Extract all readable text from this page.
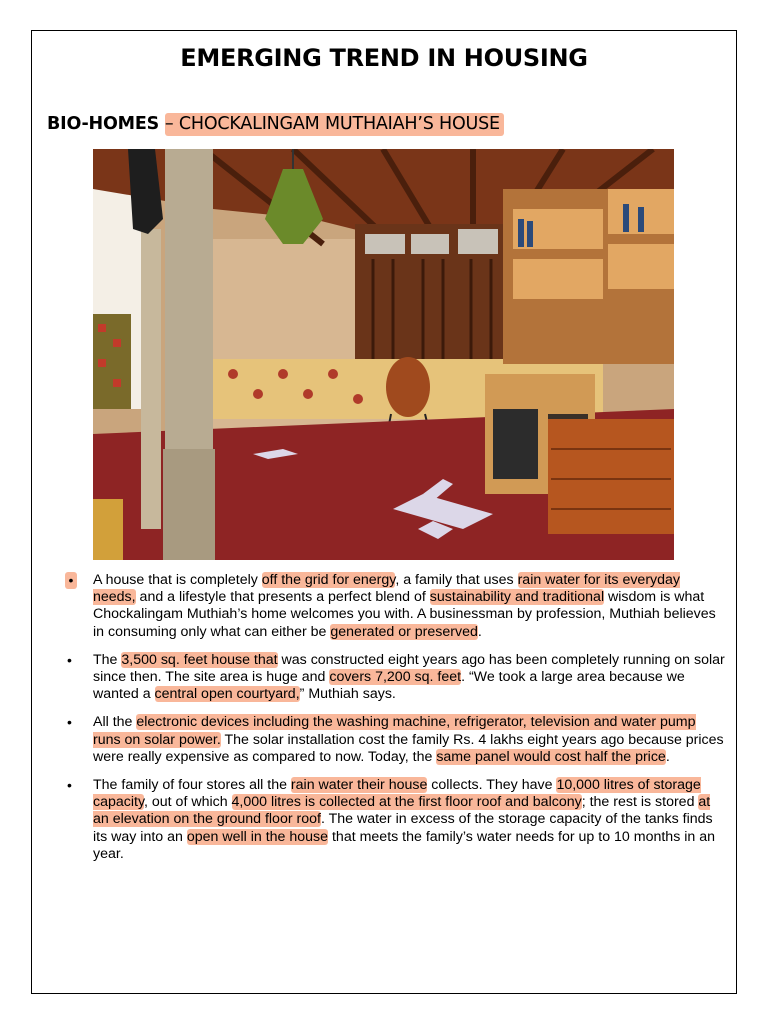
EMERGING TREND IN HOUSING
BIO-HOMES – CHOCKALINGAM MUTHAIAH’S HOUSE
• A house that is completely off the grid for energy, a family that uses rain water for its everyday needs, and a lifestyle that presents a perfect blend of sustainability and traditional wisdom is what Chockalingam Muthiah’s home welcomes you with. A businessman by profession, Muthiah believes in consuming only what can either be generated or preserved.
•	The 3,500 sq. feet house that was constructed eight years ago has been completely running on solar since then. The site area is huge and covers 7,200 sq. feet. “We took a large area because we wanted a central open courtyard,” Muthiah says.
•	All the electronic devices including the washing machine, refrigerator, television and water pump runs on solar power. The solar installation cost the family Rs. 4 lakhs eight years ago because prices were really expensive as compared to now. Today, the same panel would cost half the price.
•	The family of four stores all the rain water their house collects. They have 10,000 litres of storage capacity, out of which 4,000 litres is collected at the first floor roof and balcony; the rest is stored at an elevation on the ground floor roof. The water in excess of the storage capacity of the tanks finds its way into an open well in the house that meets the family’s water needs for up to 10 months in an year.
